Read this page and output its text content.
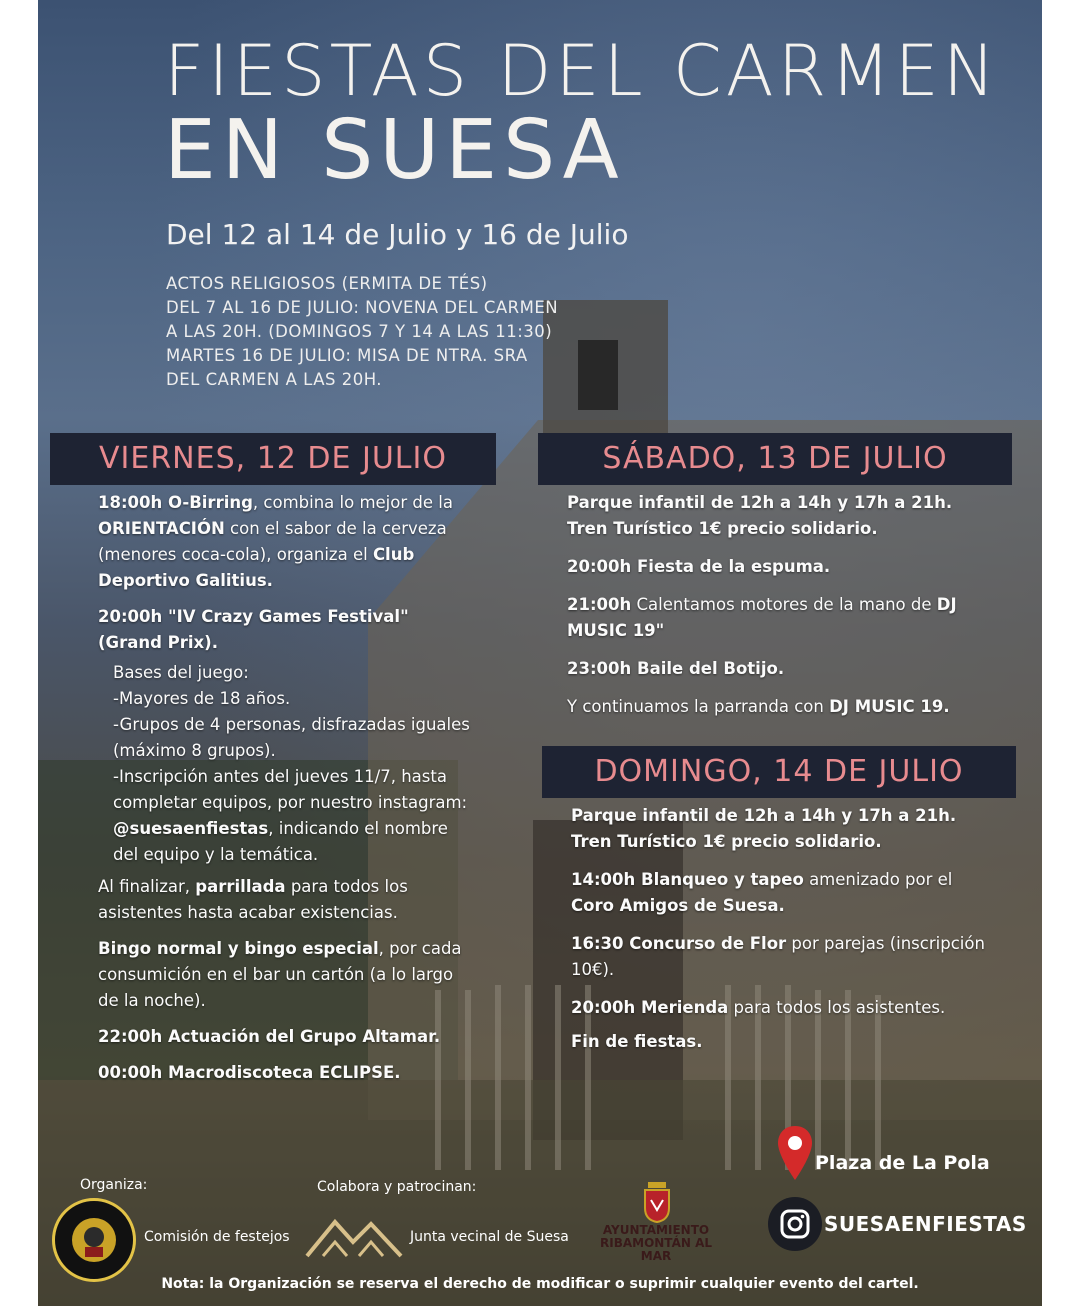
FIESTAS DEL CARMEN
EN SUESA
Del 12 al 14 de Julio y 16 de Julio
ACTOS RELIGIOSOS (ERMITA DE TÉS)
DEL 7 AL 16 DE JULIO: NOVENA DEL CARMEN
A LAS 20H. (DOMINGOS 7 Y 14 A LAS 11:30)
MARTES 16 DE JULIO: MISA DE NTRA. SRA
DEL CARMEN A LAS 20H.
VIERNES, 12 DE JULIO	SÁBADO, 13 DE JULIO
DOMINGO, 14 DE JULIO

18:00h O-Birring, combina lo mejor de la ORIENTACIÓN con el sabor de la cerveza (menores coca-cola), organiza el Club Deportivo Galitius.

20:00h "IV Crazy Games Festival" (Grand Prix).

Bases del juego:
-Mayores de 18 años.
-Grupos de 4 personas, disfrazadas iguales (máximo 8 grupos).
-Inscripción antes del jueves 11/7, hasta completar equipos, por nuestro instagram: @suesaenfiestas, indicando el nombre del equipo y la temática.

Al finalizar, parrillada para todos los asistentes hasta acabar existencias.

Bingo normal y bingo especial, por cada consumición en el bar un cartón (a lo largo de la noche).

22:00h Actuación del Grupo Altamar.

00:00h Macrodiscoteca ECLIPSE.

Parque infantil de 12h a 14h y 17h a 21h. Tren Turístico 1€ precio solidario.

20:00h Fiesta de la espuma.

21:00h Calentamos motores de la mano de DJ MUSIC 19"

23:00h Baile del Botijo.

Y continuamos la parranda con DJ MUSIC 19.

Parque infantil de 12h a 14h y 17h a 21h. Tren Turístico 1€ precio solidario.

14:00h Blanqueo y tapeo amenizado por el Coro Amigos de Suesa.

16:30 Concurso de Flor por parejas (inscripción 10€).

20:00h Merienda para todos los asistentes.

Fin de fiestas.

Organiza:
Comisión de festejos
Colabora y patrocinan:
Junta vecinal de Suesa	AYUNTAMIENTO
RIBAMONTÁN AL MAR
Plaza de La Pola
SUESAENFIESTAS
Nota: la Organización se reserva el derecho de modificar o suprimir cualquier evento del cartel.
